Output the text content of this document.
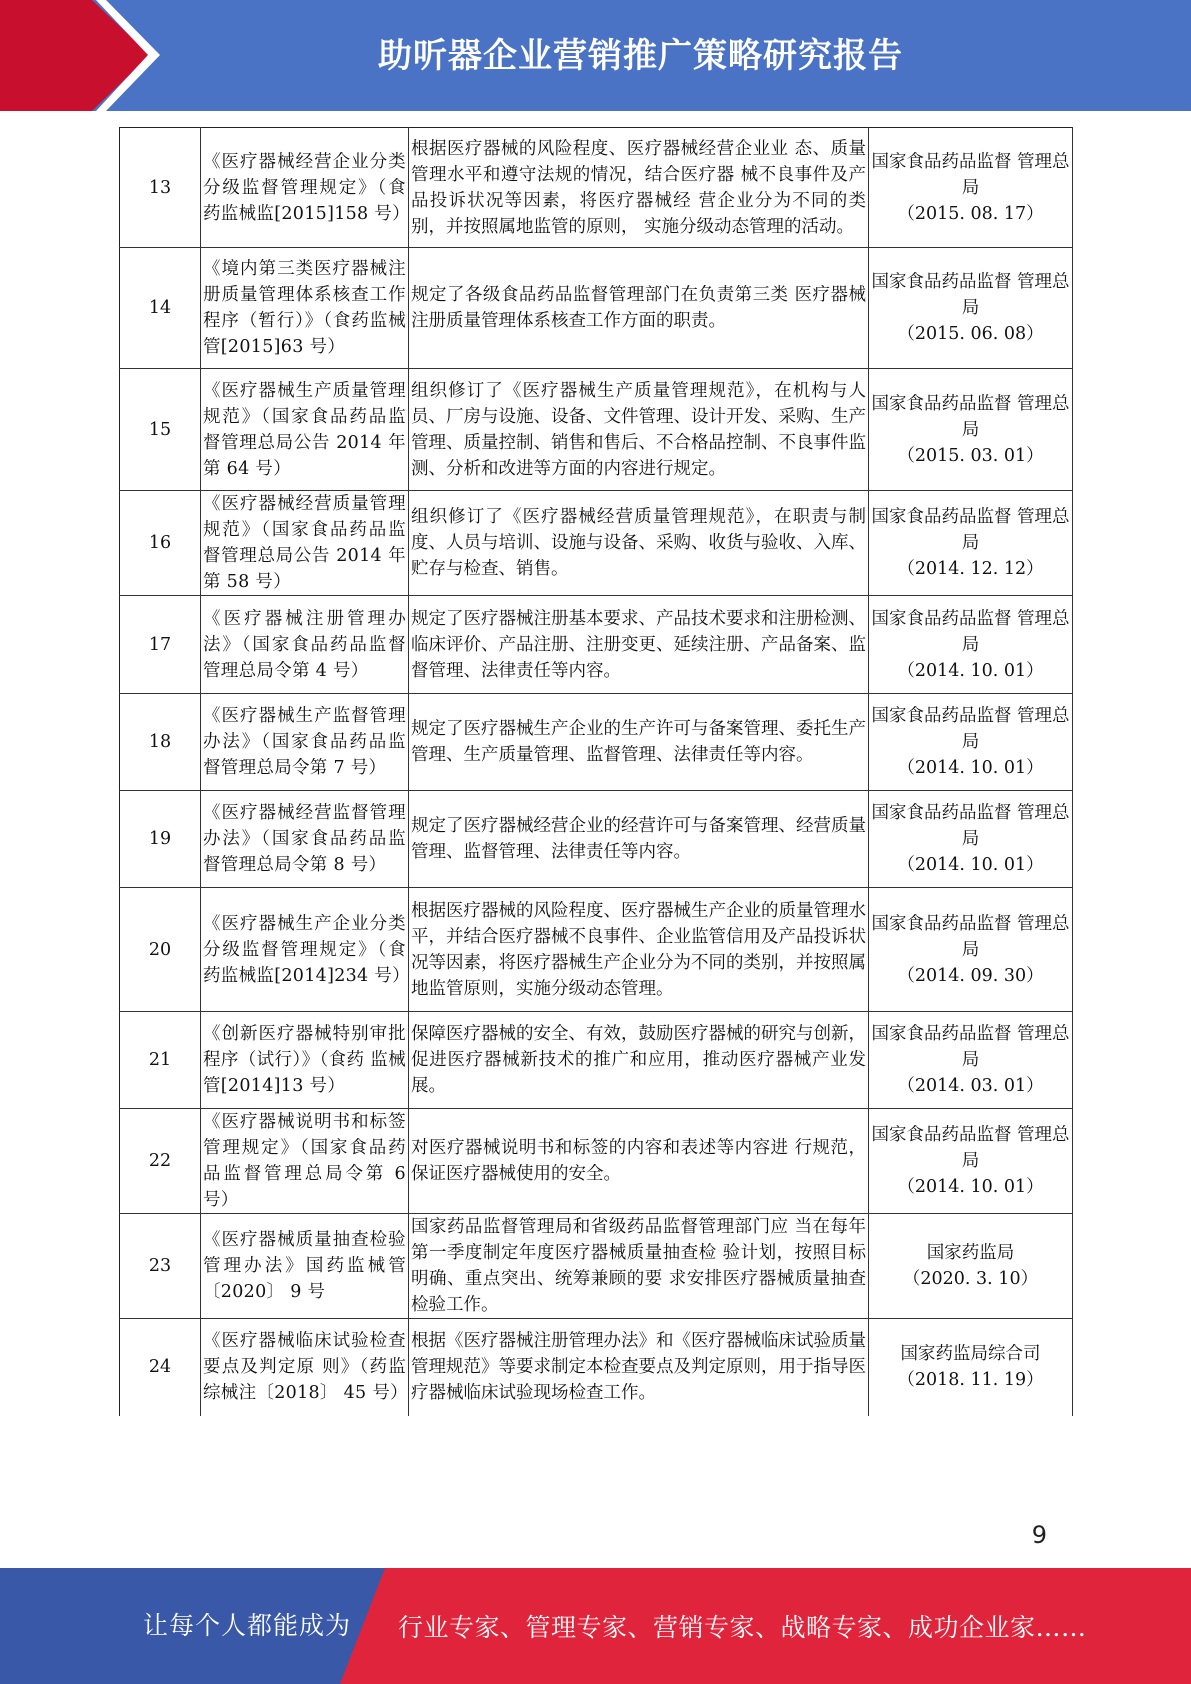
助听器企业营销推广策略研究报告
13	《医疗器械经营企业分类分级监督管理规定》（食药监械监[2015]158 号）	根据医疗器械的风险程度、医疗器械经营企业业 态、质量管理水平和遵守法规的情况，结合医疗器 械不良事件及产品投诉状况等因素，将医疗器械经 营企业分为不同的类别，并按照属地监管的原则， 实施分级动态管理的活动。	国家食品药品监督 管理总局
（2015. 08. 17）

14	《境内第三类医疗器械注册质量管理体系核查工作程序（暂行）》（食药监械管[2015]63 号）	规定了各级食品药品监督管理部门在负责第三类 医疗器械注册质量管理体系核查工作方面的职责。	国家食品药品监督 管理总局
（2015. 06. 08）

15	《医疗器械生产质量管理规范》（国家食品药品监督管理总局公告 2014 年第 64 号）	组织修订了《医疗器械生产质量管理规范》，在机构与人员、厂房与设施、设备、文件管理、设计开发、采购、生产管理、质量控制、销售和售后、不合格品控制、不良事件监测、分析和改进等方面的内容进行规定。	国家食品药品监督 管理总局
（2015. 03. 01）

16	《医疗器械经营质量管理规范》（国家食品药品监督管理总局公告 2014 年第 58 号）	组织修订了《医疗器械经营质量管理规范》，在职责与制度、人员与培训、设施与设备、采购、收货与验收、入库、贮存与检查、销售。	国家食品药品监督 管理总局
（2014. 12. 12）

17	《医疗器械注册管理办法》（国家食品药品监督管理总局令第 4 号）	规定了医疗器械注册基本要求、产品技术要求和注册检测、临床评价、产品注册、注册变更、延续注册、产品备案、监督管理、法律责任等内容。	国家食品药品监督 管理总局
（2014. 10. 01）

18	《医疗器械生产监督管理办法》（国家食品药品监督管理总局令第 7 号）	规定了医疗器械生产企业的生产许可与备案管理、委托生产管理、生产质量管理、监督管理、法律责任等内容。	国家食品药品监督 管理总局
（2014. 10. 01）

19	《医疗器械经营监督管理办法》（国家食品药品监督管理总局令第 8 号）	规定了医疗器械经营企业的经营许可与备案管理、经营质量管理、监督管理、法律责任等内容。	国家食品药品监督 管理总局
（2014. 10. 01）

20	《医疗器械生产企业分类分级监督管理规定》（食药监械监[2014]234 号）	根据医疗器械的风险程度、医疗器械生产企业的质量管理水平，并结合医疗器械不良事件、企业监管信用及产品投诉状况等因素，将医疗器械生产企业分为不同的类别，并按照属地监管原则，实施分级动态管理。	国家食品药品监督 管理总局
（2014. 09. 30）

21	《创新医疗器械特别审批程序（试行）》（食药 监械管[2014]13 号）	保障医疗器械的安全、有效，鼓励医疗器械的研究与创新，促进医疗器械新技术的推广和应用，推动医疗器械产业发展。	国家食品药品监督 管理总局
（2014. 03. 01）

22	《医疗器械说明书和标签管理规定》（国家食品药品监督管理总局令第 6 号）	对医疗器械说明书和标签的内容和表述等内容进 行规范，保证医疗器械使用的安全。	国家食品药品监督 管理总局
（2014. 10. 01）

23	《医疗器械质量抽查检验管理办法》国药监械管〔2020〕 9 号	国家药品监督管理局和省级药品监督管理部门应 当在每年第一季度制定年度医疗器械质量抽查检 验计划，按照目标明确、重点突出、统筹兼顾的要 求安排医疗器械质量抽查检验工作。	国家药监局
（2020. 3. 10）

24	《医疗器械临床试验检查要点及判定原 则》（药监综械注〔2018〕 45 号）	根据《医疗器械注册管理办法》和《医疗器械临床试验质量管理规范》等要求制定本检查要点及判定原则，用于指导医疗器械临床试验现场检查工作。	国家药监局综合司
（2018. 11. 19）
9
让每个人都能成为 行业专家、管理专家、营销专家、战略专家、成功企业家……
